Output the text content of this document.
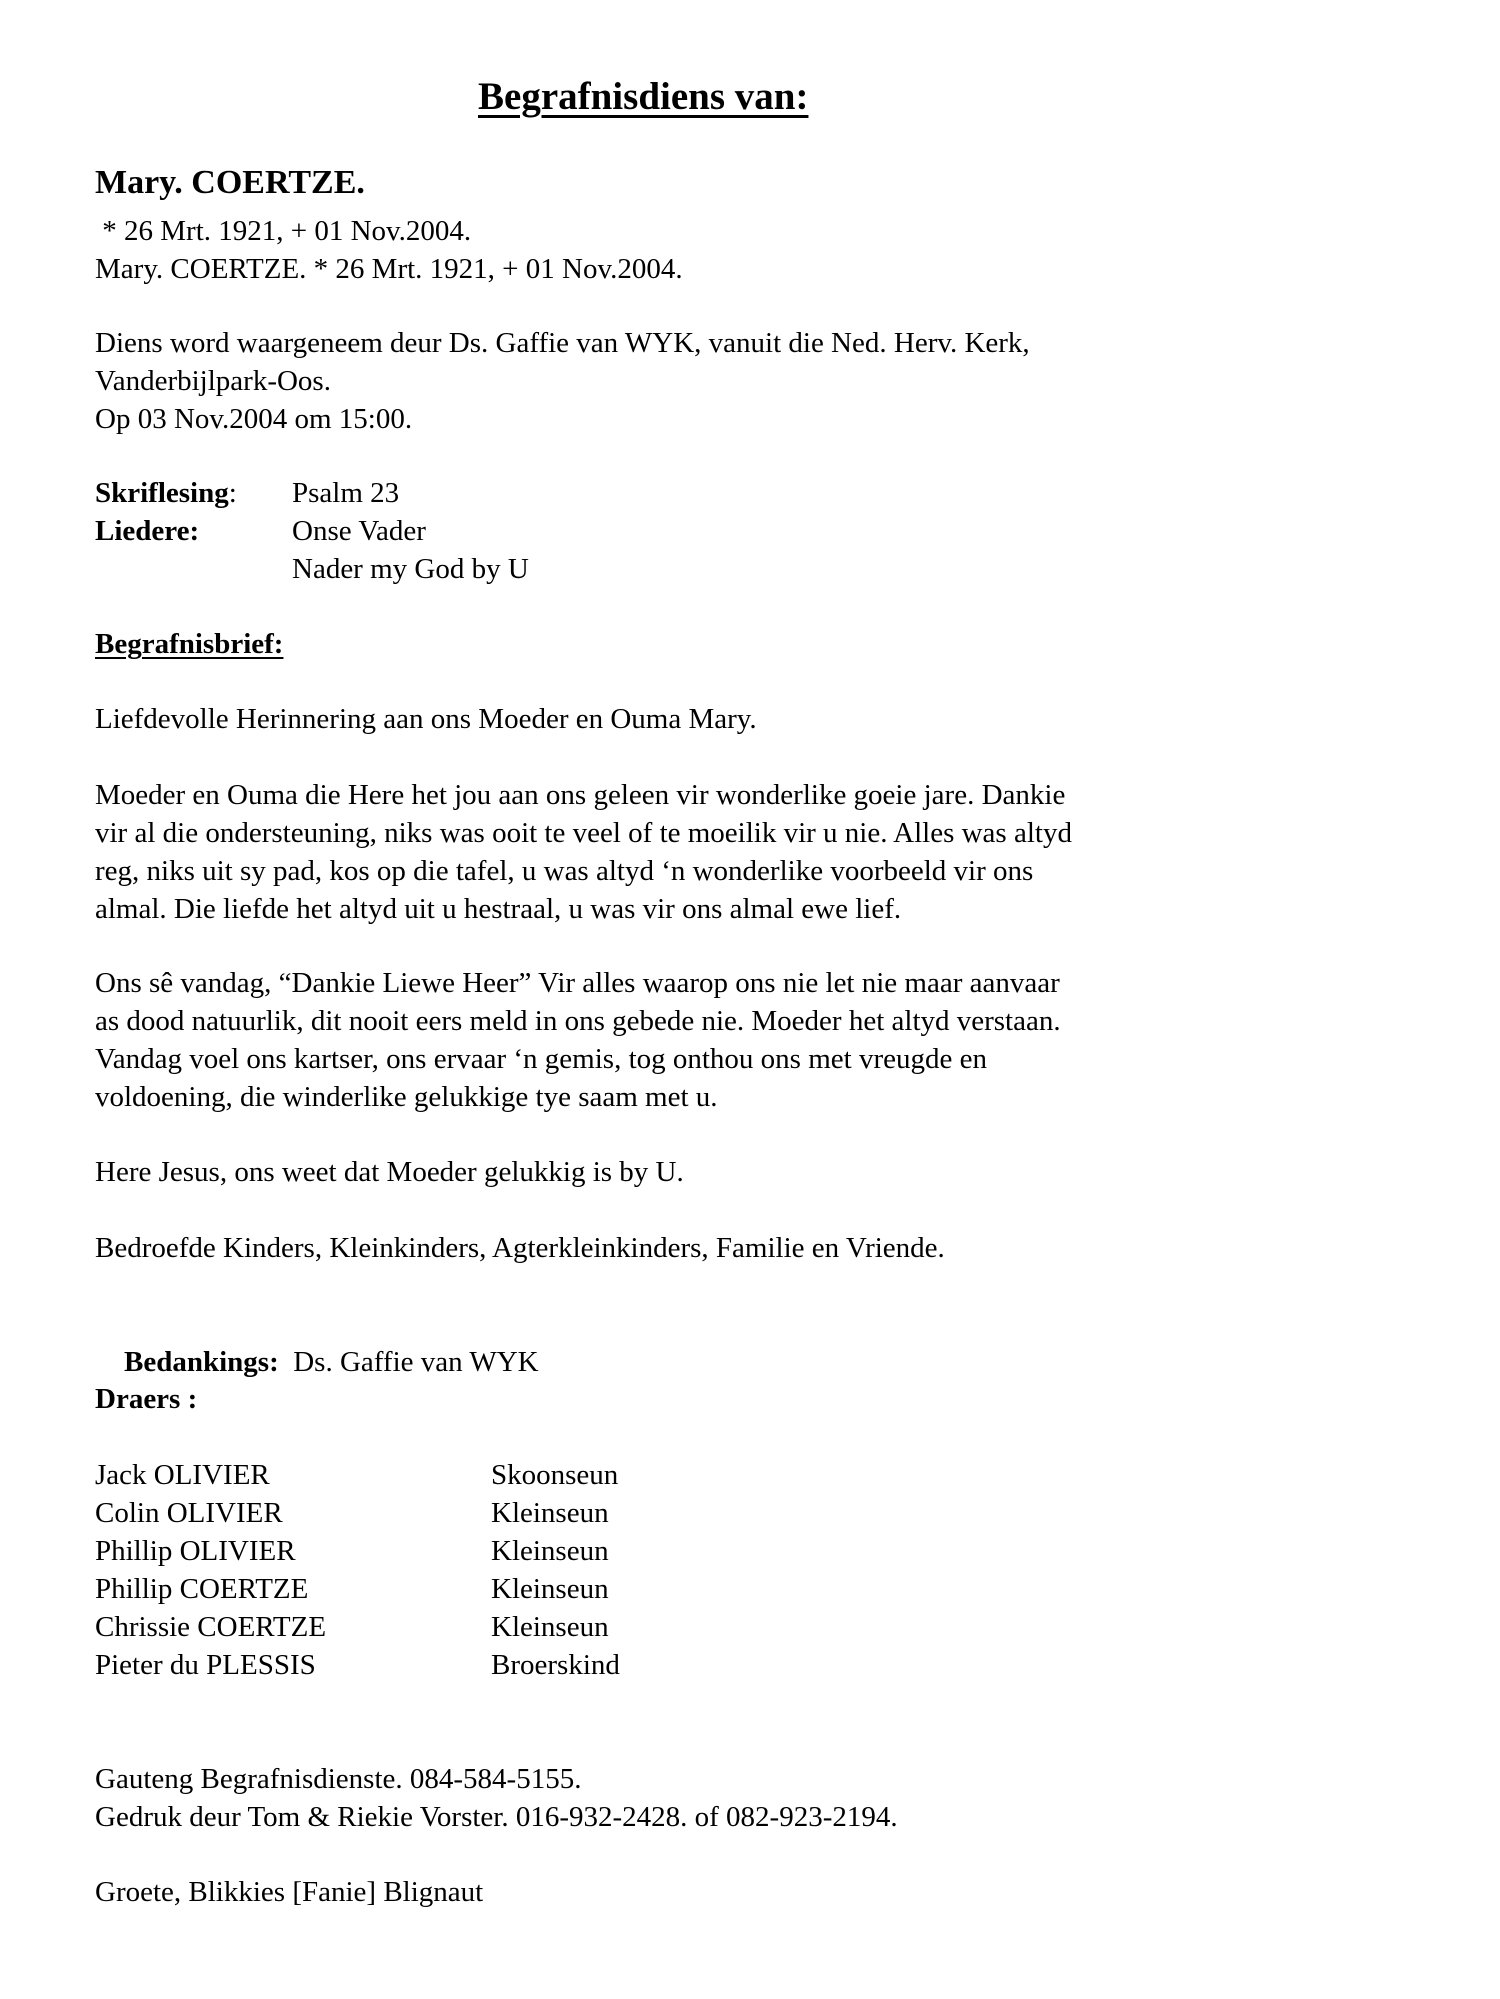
Begrafnisdiens van:
Mary. COERTZE.
* 26 Mrt. 1921, + 01 Nov.2004.
Mary. COERTZE. * 26 Mrt. 1921, + 01 Nov.2004.
Diens word waargeneem deur Ds. Gaffie van WYK, vanuit die Ned. Herv. Kerk,
Vanderbijlpark-Oos.
Op 03 Nov.2004 om 15:00.
Skriflesing: Psalm 23
Liedere:	Onse Vader
Nader my God by U
Begrafnisbrief:
Liefdevolle Herinnering aan ons Moeder en Ouma Mary.
Moeder en Ouma die Here het jou aan ons geleen vir wonderlike goeie jare. Dankie
vir al die ondersteuning, niks was ooit te veel of te moeilik vir u nie. Alles was altyd
reg, niks uit sy pad, kos op die tafel, u was altyd ‘n wonderlike voorbeeld vir ons
almal. Die liefde het altyd uit u hestraal, u was vir ons almal ewe lief.
Ons sê vandag, “Dankie Liewe Heer” Vir alles waarop ons nie let nie maar aanvaar
as dood natuurlik, dit nooit eers meld in ons gebede nie. Moeder het altyd verstaan.
Vandag voel ons kartser, ons ervaar ‘n gemis, tog onthou ons met vreugde en
voldoening, die winderlike gelukkige tye saam met u.
Here Jesus, ons weet dat Moeder gelukkig is by U.
Bedroefde Kinders, Kleinkinders, Agterkleinkinders, Familie en Vriende.

Bedankings:  Ds. Gaffie van WYK

Draers :
Jack OLIVIER	Skoonseun
Colin OLIVIER	Kleinseun
Phillip OLIVIER	Kleinseun
Phillip COERTZE	Kleinseun
Chrissie COERTZE	Kleinseun
Pieter du PLESSIS	Broerskind
Gauteng Begrafnisdienste. 084-584-5155.
Gedruk deur Tom & Riekie Vorster. 016-932-2428. of 082-923-2194.
Groete, Blikkies [Fanie] Blignaut
